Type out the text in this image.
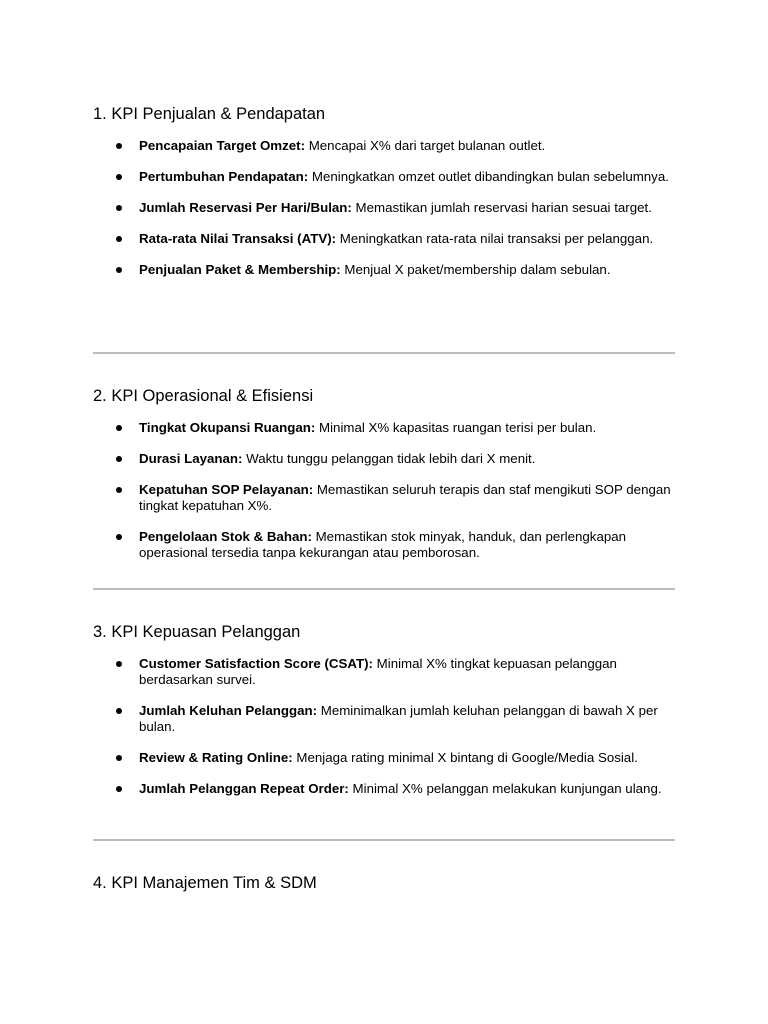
1. KPI Penjualan & Pendapatan
Pencapaian Target Omzet: Mencapai X% dari target bulanan outlet.
Pertumbuhan Pendapatan: Meningkatkan omzet outlet dibandingkan bulan sebelumnya.
Jumlah Reservasi Per Hari/Bulan: Memastikan jumlah reservasi harian sesuai target.
Rata-rata Nilai Transaksi (ATV): Meningkatkan rata-rata nilai transaksi per pelanggan.
Penjualan Paket & Membership: Menjual X paket/membership dalam sebulan.
2. KPI Operasional & Efisiensi
Tingkat Okupansi Ruangan: Minimal X% kapasitas ruangan terisi per bulan.
Durasi Layanan: Waktu tunggu pelanggan tidak lebih dari X menit.
Kepatuhan SOP Pelayanan: Memastikan seluruh terapis dan staf mengikuti SOP dengan tingkat kepatuhan X%.
Pengelolaan Stok & Bahan: Memastikan stok minyak, handuk, dan perlengkapan operasional tersedia tanpa kekurangan atau pemborosan.
3. KPI Kepuasan Pelanggan
Customer Satisfaction Score (CSAT): Minimal X% tingkat kepuasan pelanggan berdasarkan survei.
Jumlah Keluhan Pelanggan: Meminimalkan jumlah keluhan pelanggan di bawah X per bulan.
Review & Rating Online: Menjaga rating minimal X bintang di Google/Media Sosial.
Jumlah Pelanggan Repeat Order: Minimal X% pelanggan melakukan kunjungan ulang.
4. KPI Manajemen Tim & SDM
